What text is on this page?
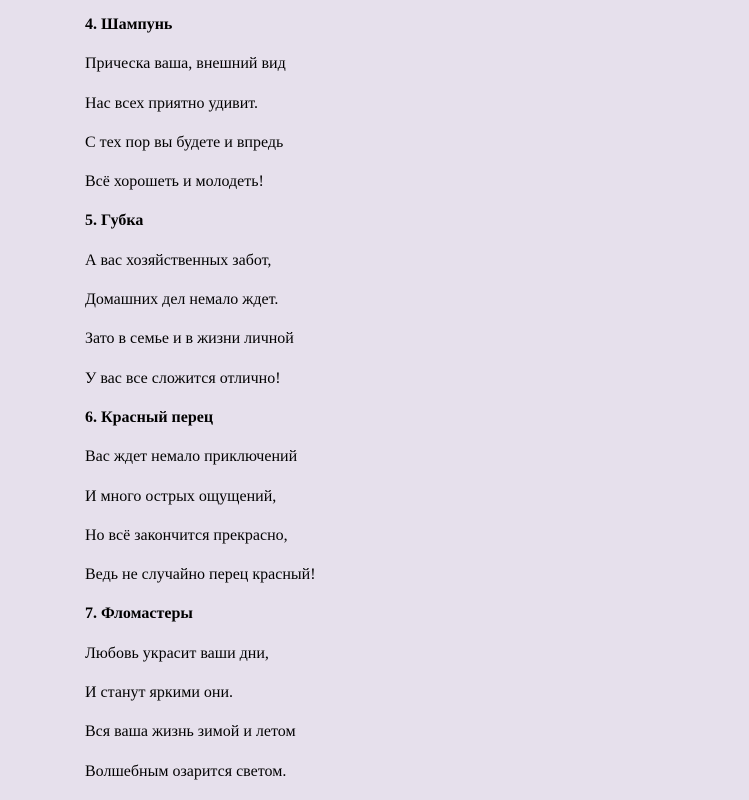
4. Шампунь

Прическа ваша, внешний вид

Нас всех приятно удивит.

С тех пор вы будете и впредь

Всё хорошеть и молодеть!

5. Губка

А вас хозяйственных забот,

Домашних дел немало ждет.

Зато в семье и в жизни личной

У вас все сложится отлично!

6. Красный перец

Вас ждет немало приключений

И много острых ощущений,

Но всё закончится прекрасно,

Ведь не случайно перец красный!

7. Фломастеры

Любовь украсит ваши дни,

И станут яркими они.

Вся ваша жизнь зимой и летом

Волшебным озарится светом.
